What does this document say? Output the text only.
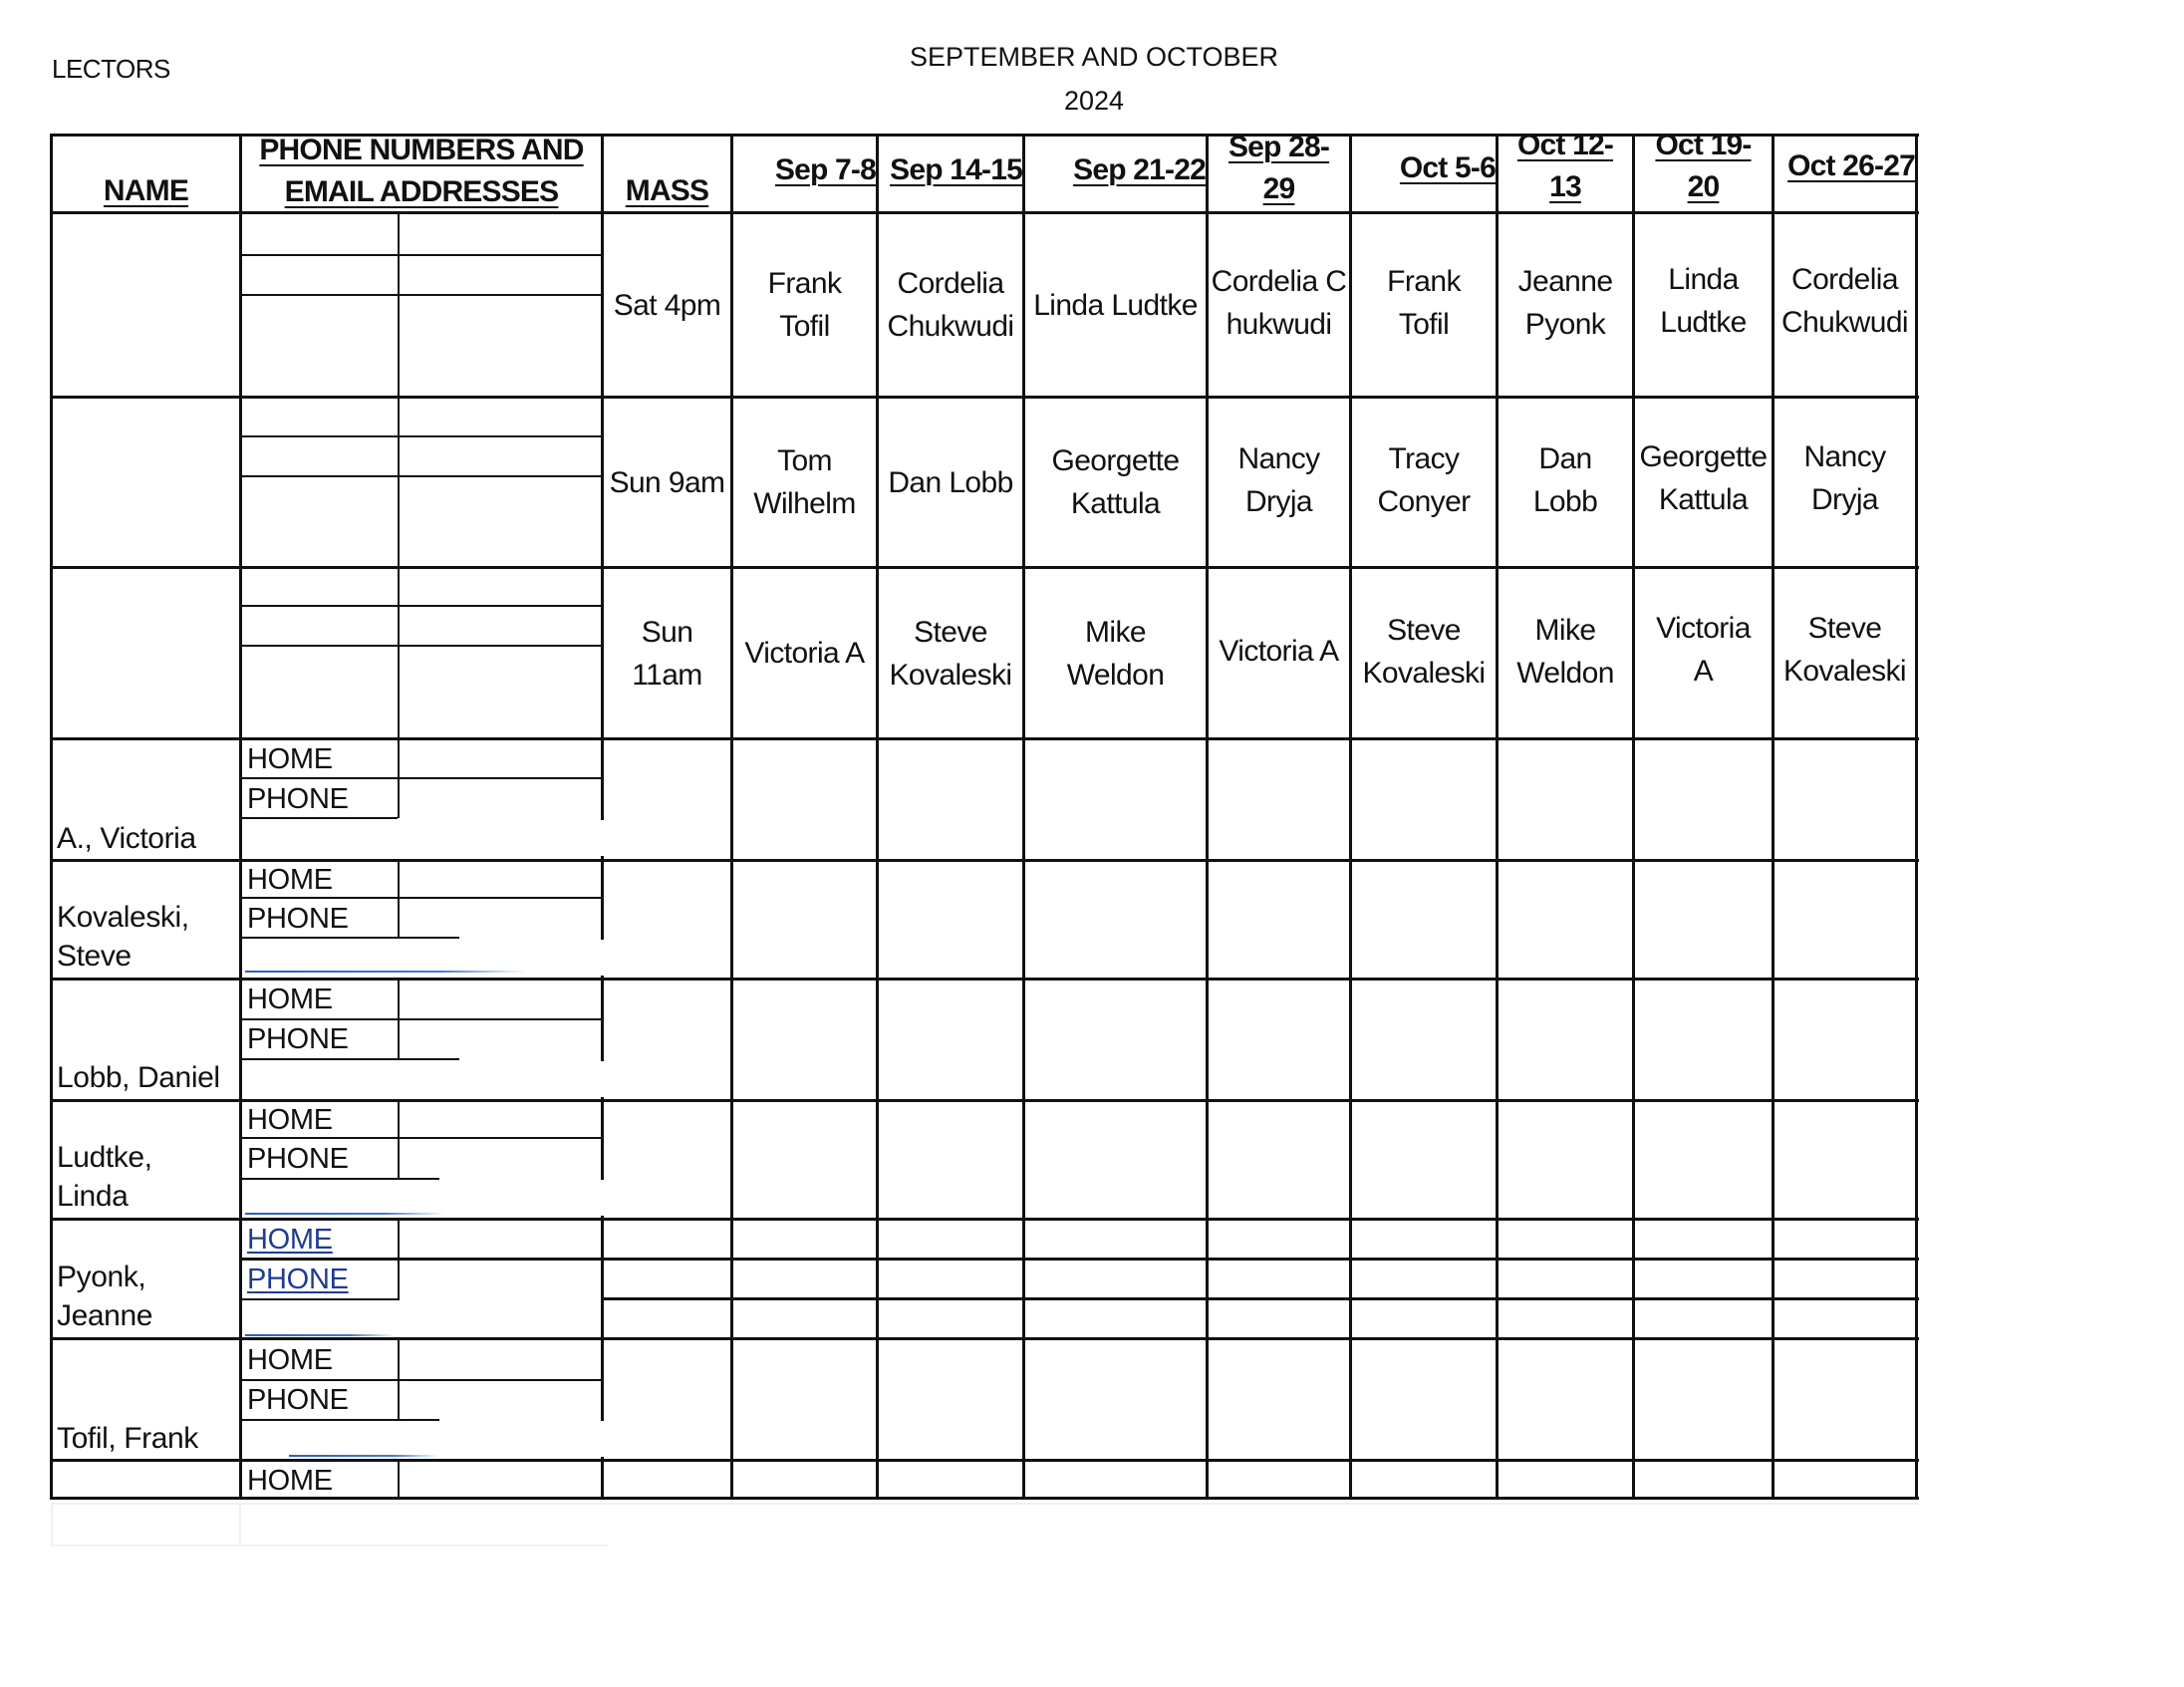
LECTORS	SEPTEMBER AND OCTOBER
2024
NAME
PHONE NUMBERS AND
EMAIL ADDRESSES MASS
Sep 7-8 Sep 14-15 Sep 21-22
Sep 28-
29
Oct 5-6
Oct 12-
13
Oct 19-
20
Oct 26-27
Sat 4pm
Frank Tofil
Cordelia Chukwudi
Linda Ludtke
Cordelia Chukwudi
Frank Tofil
Jeanne Pyonk
Linda Ludtke
Cordelia Chukwudi
Sun 9am
Tom Wilhelm
Dan Lobb
Georgette Kattula
Nancy Dryja
Tracy Conyer
Dan Lobb
Georgette Kattula
Nancy Dryja
Sun 11am
Victoria A
Steve Kovaleski
Mike Weldon
Victoria A
Steve Kovaleski
Mike Weldon
Victoria A
Steve Kovaleski
A., Victoria
HOME
PHONE
Kovaleski,
Steve
HOME
PHONE
Lobb, Daniel
HOME
PHONE
Ludtke,
Linda
HOME
PHONE
Pyonk,
Jeanne
HOME
PHONE
Tofil, Frank
HOME
PHONE
HOME
